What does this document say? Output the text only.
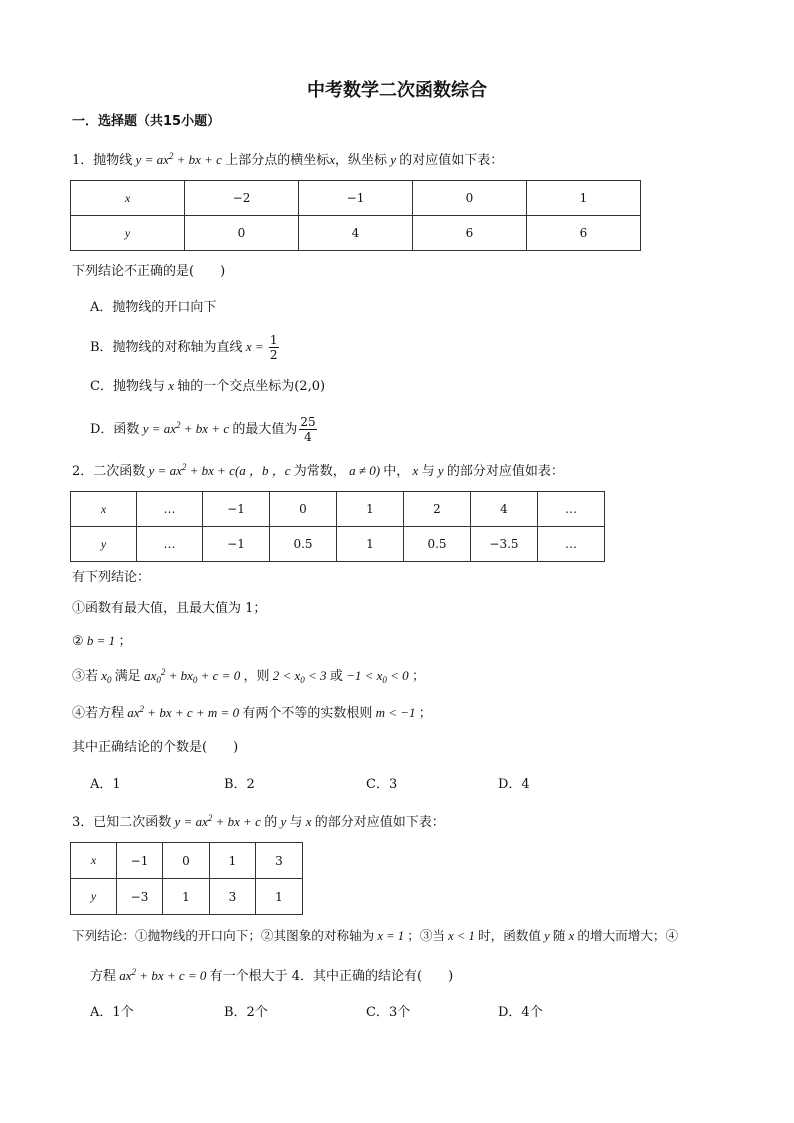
中考数学二次函数综合
一．选择题（共15小题）
1．抛物线 $y = ax^2$ + bx + c 上部分点的横坐标x，纵坐标 y 的对应值如下表：
x	−2	−1	0	1
y	0	4	6	6
下列结论不正确的是(　　)
A．抛物线的开口向下
B．抛物线的对称轴为直线 $x = \frac{1}{2}$
C．抛物线与 x 轴的一个交点坐标为(2,0)
D．函数 $y = ax^2$ + bx + c 的最大值为 $\frac{25}{4}$
2．二次函数 $y = ax^2$ + bx + c(a ，b ，c 为常数， a ≠ 0) 中， x 与 y 的部分对应值如表：
x	…	−1	0	1	2	4	…
y	…	−1	0.5	1	0.5	−3.5	…
有下列结论：
①函数有最大值，且最大值为 1；
② b = 1 ；
③若 $x_0$ 满足 $ax_0^2 + bx_0 + c = 0$ ，则 $2 < x_0 < 3$ 或 $-1 < x_0 < 0$ ；
④若方程 $ax^2$ + bx + c + m = 0 有两个不等的实数根则 m < −1 ；
其中正确结论的个数是(　　)
A．1	B．2	C．3	D．4
3．已知二次函数 $y = ax^2$ + bx + c 的 y 与 x 的部分对应值如下表：
x	−1	0	1	3
y	−3	1	3	1
下列结论：①抛物线的开口向下；②其图象的对称轴为 x = 1 ；③当 x < 1 时，函数值 y 随 x 的增大而增大；④
方程 $ax^2$ + bx + c = 0 有一个根大于 4．其中正确的结论有(　　)
A．1个	B．2个	C．3个	D．4个
